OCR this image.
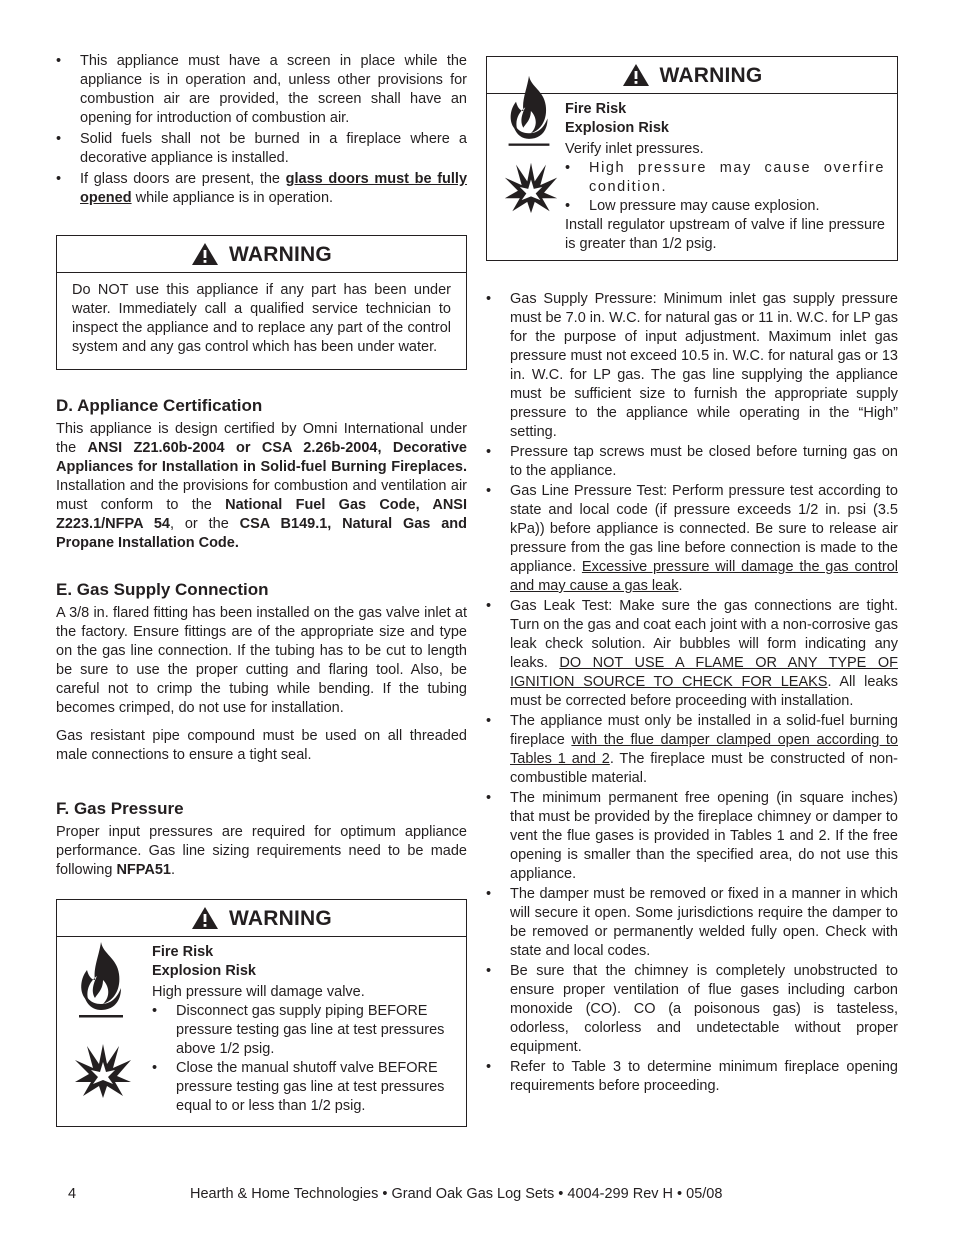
• This appliance must have a screen in place while the appliance is in operation and, unless other provisions for combustion air are provided, the screen shall have an opening for introduction of combustion air.
• Solid fuels shall not be burned in a fireplace where a decorative appliance is installed.
• If glass doors are present, the glass doors must be fully opened while appliance is in operation.
WARNING
Do NOT use this appliance if any part has been under water. Immediately call a qualified service technician to inspect the appliance and to replace any part of the control system and any gas control which has been under water.
D. Appliance Certification

This appliance is design certified by Omni International under the ANSI Z21.60b-2004 or CSA 2.26b-2004, Decorative Appliances for Installation in Solid-fuel Burning Fireplaces. Installation and the provisions for combustion and ventilation air must conform to the National Fuel Gas Code, ANSI Z223.1/NFPA 54, or the CSA B149.1, Natural Gas and Propane Installation Code.

E. Gas Supply Connection

A 3/8 in. flared fitting has been installed on the gas valve inlet at the factory. Ensure fittings are of the appropriate size and type on the gas line connection. If the tubing has to be cut to length be sure to use the proper cutting and flaring tool. Also, be careful not to crimp the tubing while bending. If the tubing becomes crimped, do not use for installation.

Gas resistant pipe compound must be used on all threaded male connections to ensure a tight seal.

F. Gas Pressure

Proper input pressures are required for optimum appliance performance. Gas line sizing requirements need to be made following NFPA51.

WARNING

Fire Risk
Explosion Risk
High pressure will damage valve.
• Disconnect gas supply piping BEFORE pressure testing gas line at test pressures above 1/2 psig.
• Close the manual shutoff valve BEFORE pressure testing gas line at test pressures equal to or less than 1/2 psig.
WARNING

Fire Risk
Explosion Risk
Verify inlet pressures.
• High pressure may cause overfire condition.
• Low pressure may cause explosion.
Install regulator upstream of valve if line pressure is greater than 1/2 psig.
• Gas Supply Pressure: Minimum inlet gas supply pressure must be 7.0 in. W.C. for natural gas or 11 in. W.C. for LP gas for the purpose of input adjustment. Maximum inlet gas pressure must not exceed 10.5 in. W.C. for natural gas or 13 in. W.C. for LP gas. The gas line supplying the appliance must be sufficient size to furnish the appropriate supply pressure to the appliance while operating in the “High” setting.
• Pressure tap screws must be closed before turning gas on to the appliance.
• Gas Line Pressure Test: Perform pressure test according to state and local code (if pressure exceeds 1/2 in. psi (3.5 kPa)) before appliance is connected. Be sure to release air pressure from the gas line before connection is made to the appliance. Excessive pressure will damage the gas control and may cause a gas leak.
• Gas Leak Test: Make sure the gas connections are tight. Turn on the gas and coat each joint with a non-corrosive gas leak check solution. Air bubbles will form indicating any leaks. DO NOT USE A FLAME OR ANY TYPE OF IGNITION SOURCE TO CHECK FOR LEAKS. All leaks must be corrected before proceeding with installation.
• The appliance must only be installed in a solid-fuel burning fireplace with the flue damper clamped open according to Tables 1 and 2. The fireplace must be constructed of non-combustible material.
• The minimum permanent free opening (in square inches) that must be provided by the fireplace chimney or damper to vent the flue gases is provided in Tables 1 and 2. If the free opening is smaller than the specified area, do not use this appliance.
• The damper must be removed or fixed in a manner in which will secure it open. Some jurisdictions require the damper to be removed or permanently welded fully open. Check with state and local codes.
• Be sure that the chimney is completely unobstructed to ensure proper ventilation of flue gases including carbon monoxide (CO). CO (a poisonous gas) is tasteless, odorless, colorless and undetectable without proper equipment.
• Refer to Table 3 to determine minimum fireplace opening requirements before proceeding.
4	Hearth & Home Technologies • Grand Oak Gas Log Sets • 4004-299 Rev H • 05/08
